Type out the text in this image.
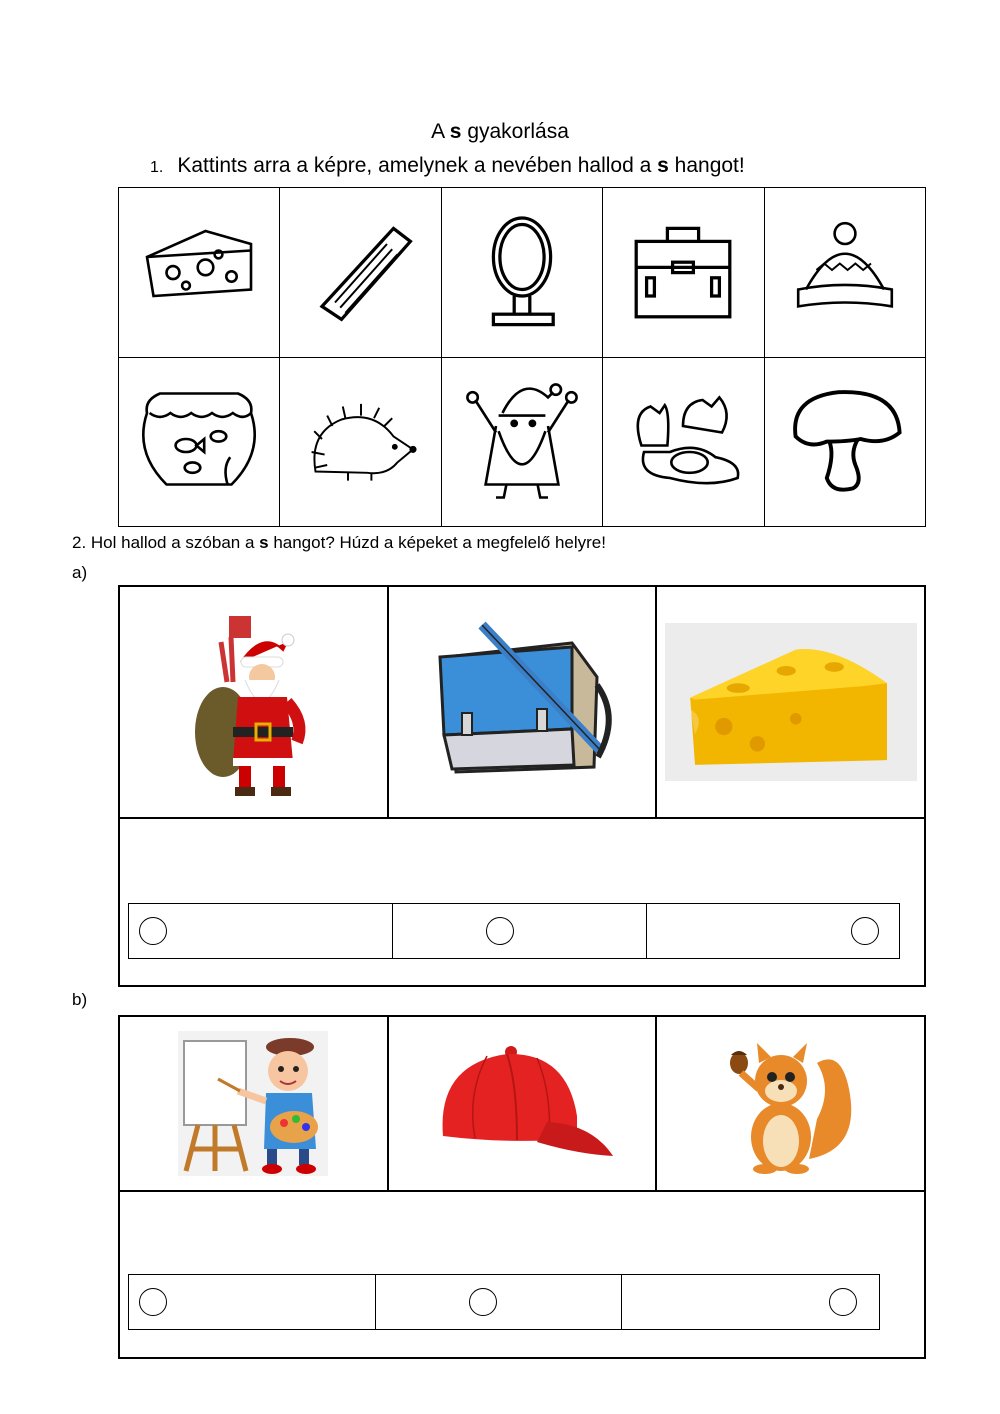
A s gyakorlása
1. Kattints arra a képre, amelynek a nevében hallod a s hangot!

2. Hol hallod a szóban a s hangot? Húzd a képeket a megfelelő helyre!
a)
b)
